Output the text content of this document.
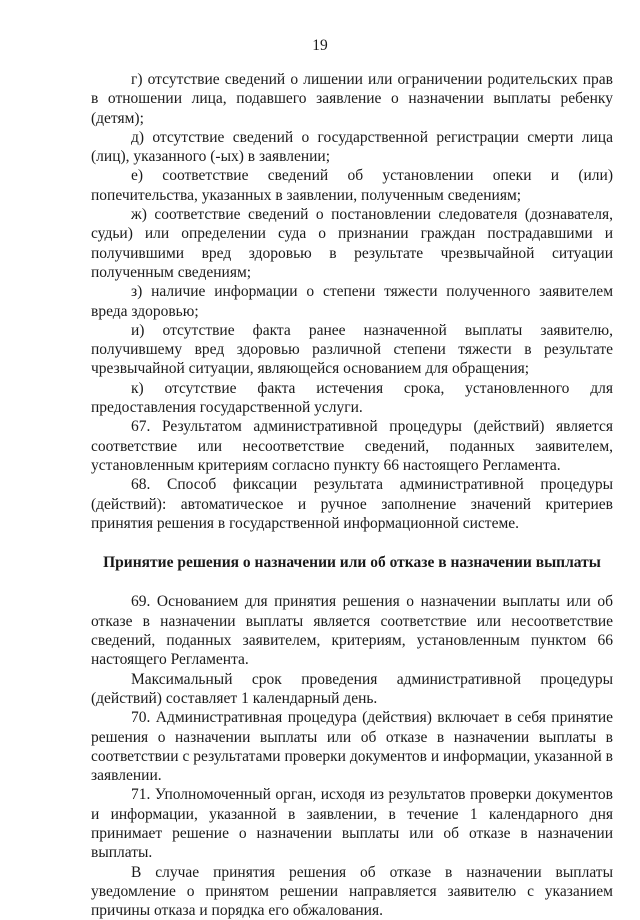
19

г) отсутствие сведений о лишении или ограничении родительских прав в отношении лица, подавшего заявление о назначении выплаты ребенку (детям);

д) отсутствие сведений о государственной регистрации смерти лица (лиц), указанного (-ых) в заявлении;

е) соответствие сведений об установлении опеки и (или) попечительства, указанных в заявлении, полученным сведениям;

ж) соответствие сведений о постановлении следователя (дознавателя, судьи) или определении суда о признании граждан пострадавшими и получившими вред здоровью в результате чрезвычайной ситуации полученным сведениям;

з) наличие информации о степени тяжести полученного заявителем вреда здоровью;

и) отсутствие факта ранее назначенной выплаты заявителю, получившему вред здоровью различной степени тяжести в результате чрезвычайной ситуации, являющейся основанием для обращения;

к) отсутствие факта истечения срока, установленного для предоставления государственной услуги.

67. Результатом административной процедуры (действий) является соответствие или несоответствие сведений, поданных заявителем, установленным критериям согласно пункту 66 настоящего Регламента.

68. Способ фиксации результата административной процедуры (действий): автоматическое и ручное заполнение значений критериев принятия решения в государственной информационной системе.

Принятие решения о назначении или об отказе в назначении выплаты

69. Основанием для принятия решения о назначении выплаты или об отказе в назначении выплаты является соответствие или несоответствие сведений, поданных заявителем, критериям, установленным пунктом 66 настоящего Регламента.

Максимальный срок проведения административной процедуры (действий) составляет 1 календарный день.

70. Административная процедура (действия) включает в себя принятие решения о назначении выплаты или об отказе в назначении выплаты в соответствии с результатами проверки документов и информации, указанной в заявлении.

71. Уполномоченный орган, исходя из результатов проверки документов и информации, указанной в заявлении, в течение 1 календарного дня принимает решение о назначении выплаты или об отказе в назначении выплаты.

В случае принятия решения об отказе в назначении выплаты уведомление о принятом решении направляется заявителю с указанием причины отказа и порядка его обжалования.
